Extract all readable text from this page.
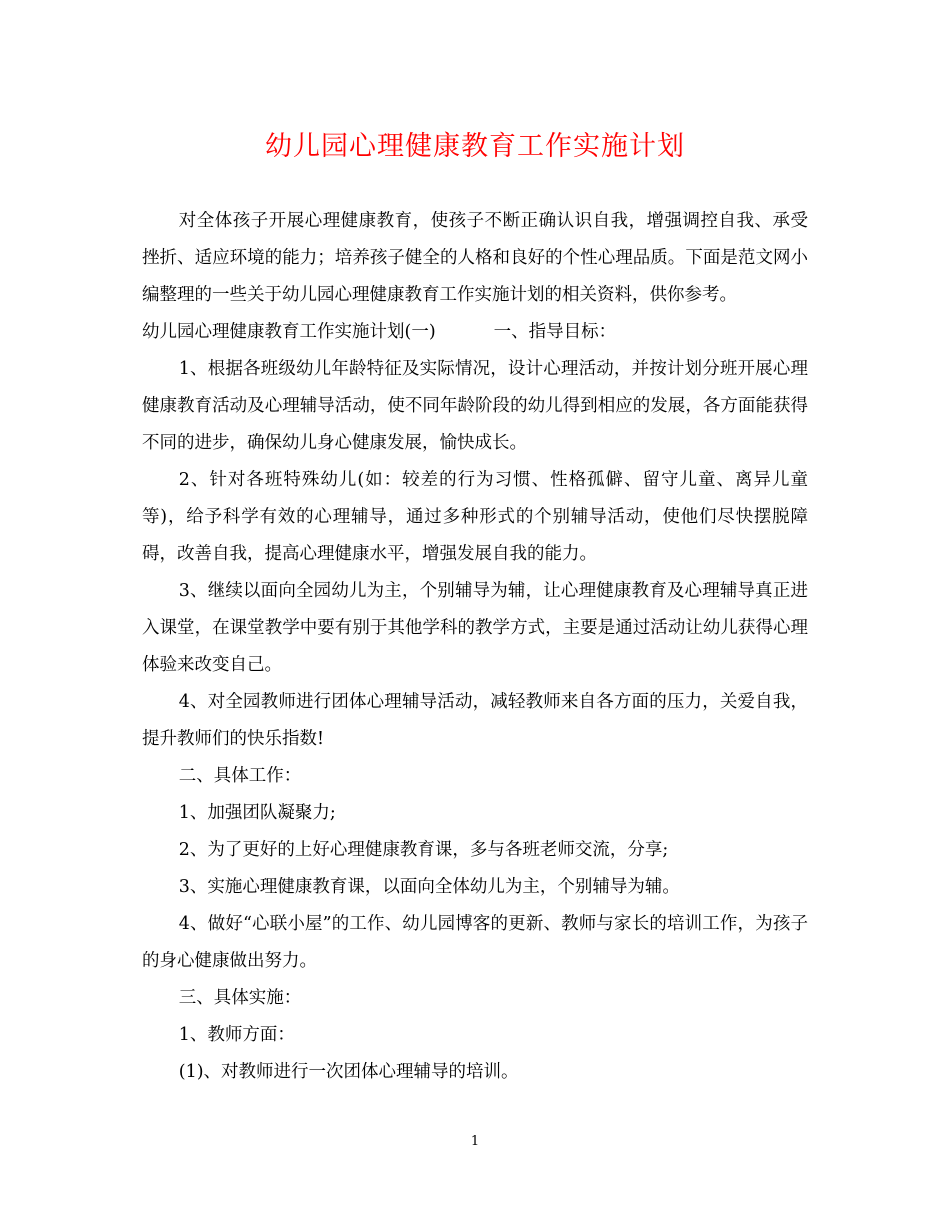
幼儿园心理健康教育工作实施计划

对全体孩子开展心理健康教育，使孩子不断正确认识自我，增强调控自我、承受挫折、适应环境的能力；培养孩子健全的人格和良好的个性心理品质。下面是范文网小编整理的一些关于幼儿园心理健康教育工作实施计划的相关资料，供你参考。

幼儿园心理健康教育工作实施计划(一)	一、指导目标：

1、根据各班级幼儿年龄特征及实际情况，设计心理活动，并按计划分班开展心理健康教育活动及心理辅导活动，使不同年龄阶段的幼儿得到相应的发展，各方面能获得不同的进步，确保幼儿身心健康发展，愉快成长。

2、针对各班特殊幼儿(如：较差的行为习惯、性格孤僻、留守儿童、离异儿童等)，给予科学有效的心理辅导，通过多种形式的个别辅导活动，使他们尽快摆脱障碍，改善自我，提高心理健康水平，增强发展自我的能力。

3、继续以面向全园幼儿为主，个别辅导为辅，让心理健康教育及心理辅导真正进入课堂，在课堂教学中要有别于其他学科的教学方式，主要是通过活动让幼儿获得心理体验来改变自己。

4、对全园教师进行团体心理辅导活动，减轻教师来自各方面的压力，关爱自我，提升教师们的快乐指数!

二、具体工作：

1、加强团队凝聚力;

2、为了更好的上好心理健康教育课，多与各班老师交流，分享;

3、实施心理健康教育课，以面向全体幼儿为主，个别辅导为辅。

4、做好“心联小屋”的工作、幼儿园博客的更新、教师与家长的培训工作，为孩子的身心健康做出努力。

三、具体实施：

1、教师方面：

(1)、对教师进行一次团体心理辅导的培训。

1
